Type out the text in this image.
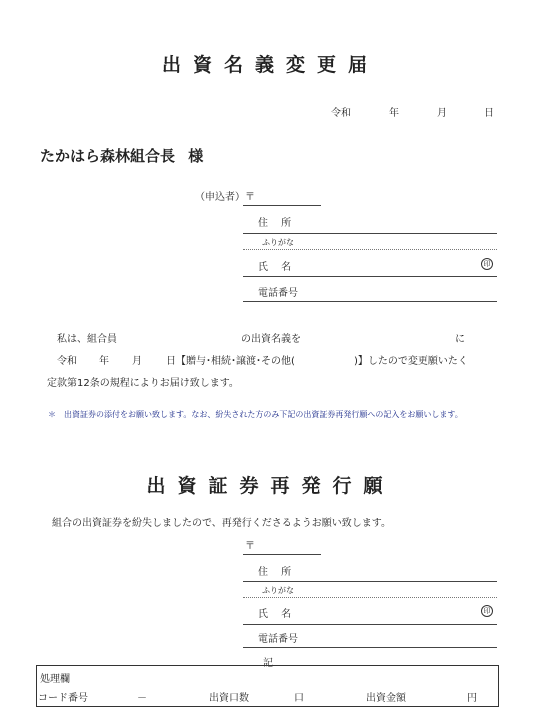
出資名義変更届
令和	年	月	日
たかはら森林組合長 様
（申込者） 〒
住　 所
ふりがな
氏　 名	印
電話番号
私は、組合員	の出資名義を	に
令和 年 月 日【贈与･相続･譲渡･その他(	)】したので変更願いたく
定款第12条の規程によりお届け致します。
＊　出資証券の添付をお願い致します。なお、紛失された方のみ下記の出資証券再発行願への記入をお願いします。
出資証券再発行願
組合の出資証券を紛失しましたので、再発行くださるようお願い致します。
〒
住　 所
ふりがな
氏　 名	印
電話番号
記
処理欄
コード番号	－	出資口数	口	出資金額	円
